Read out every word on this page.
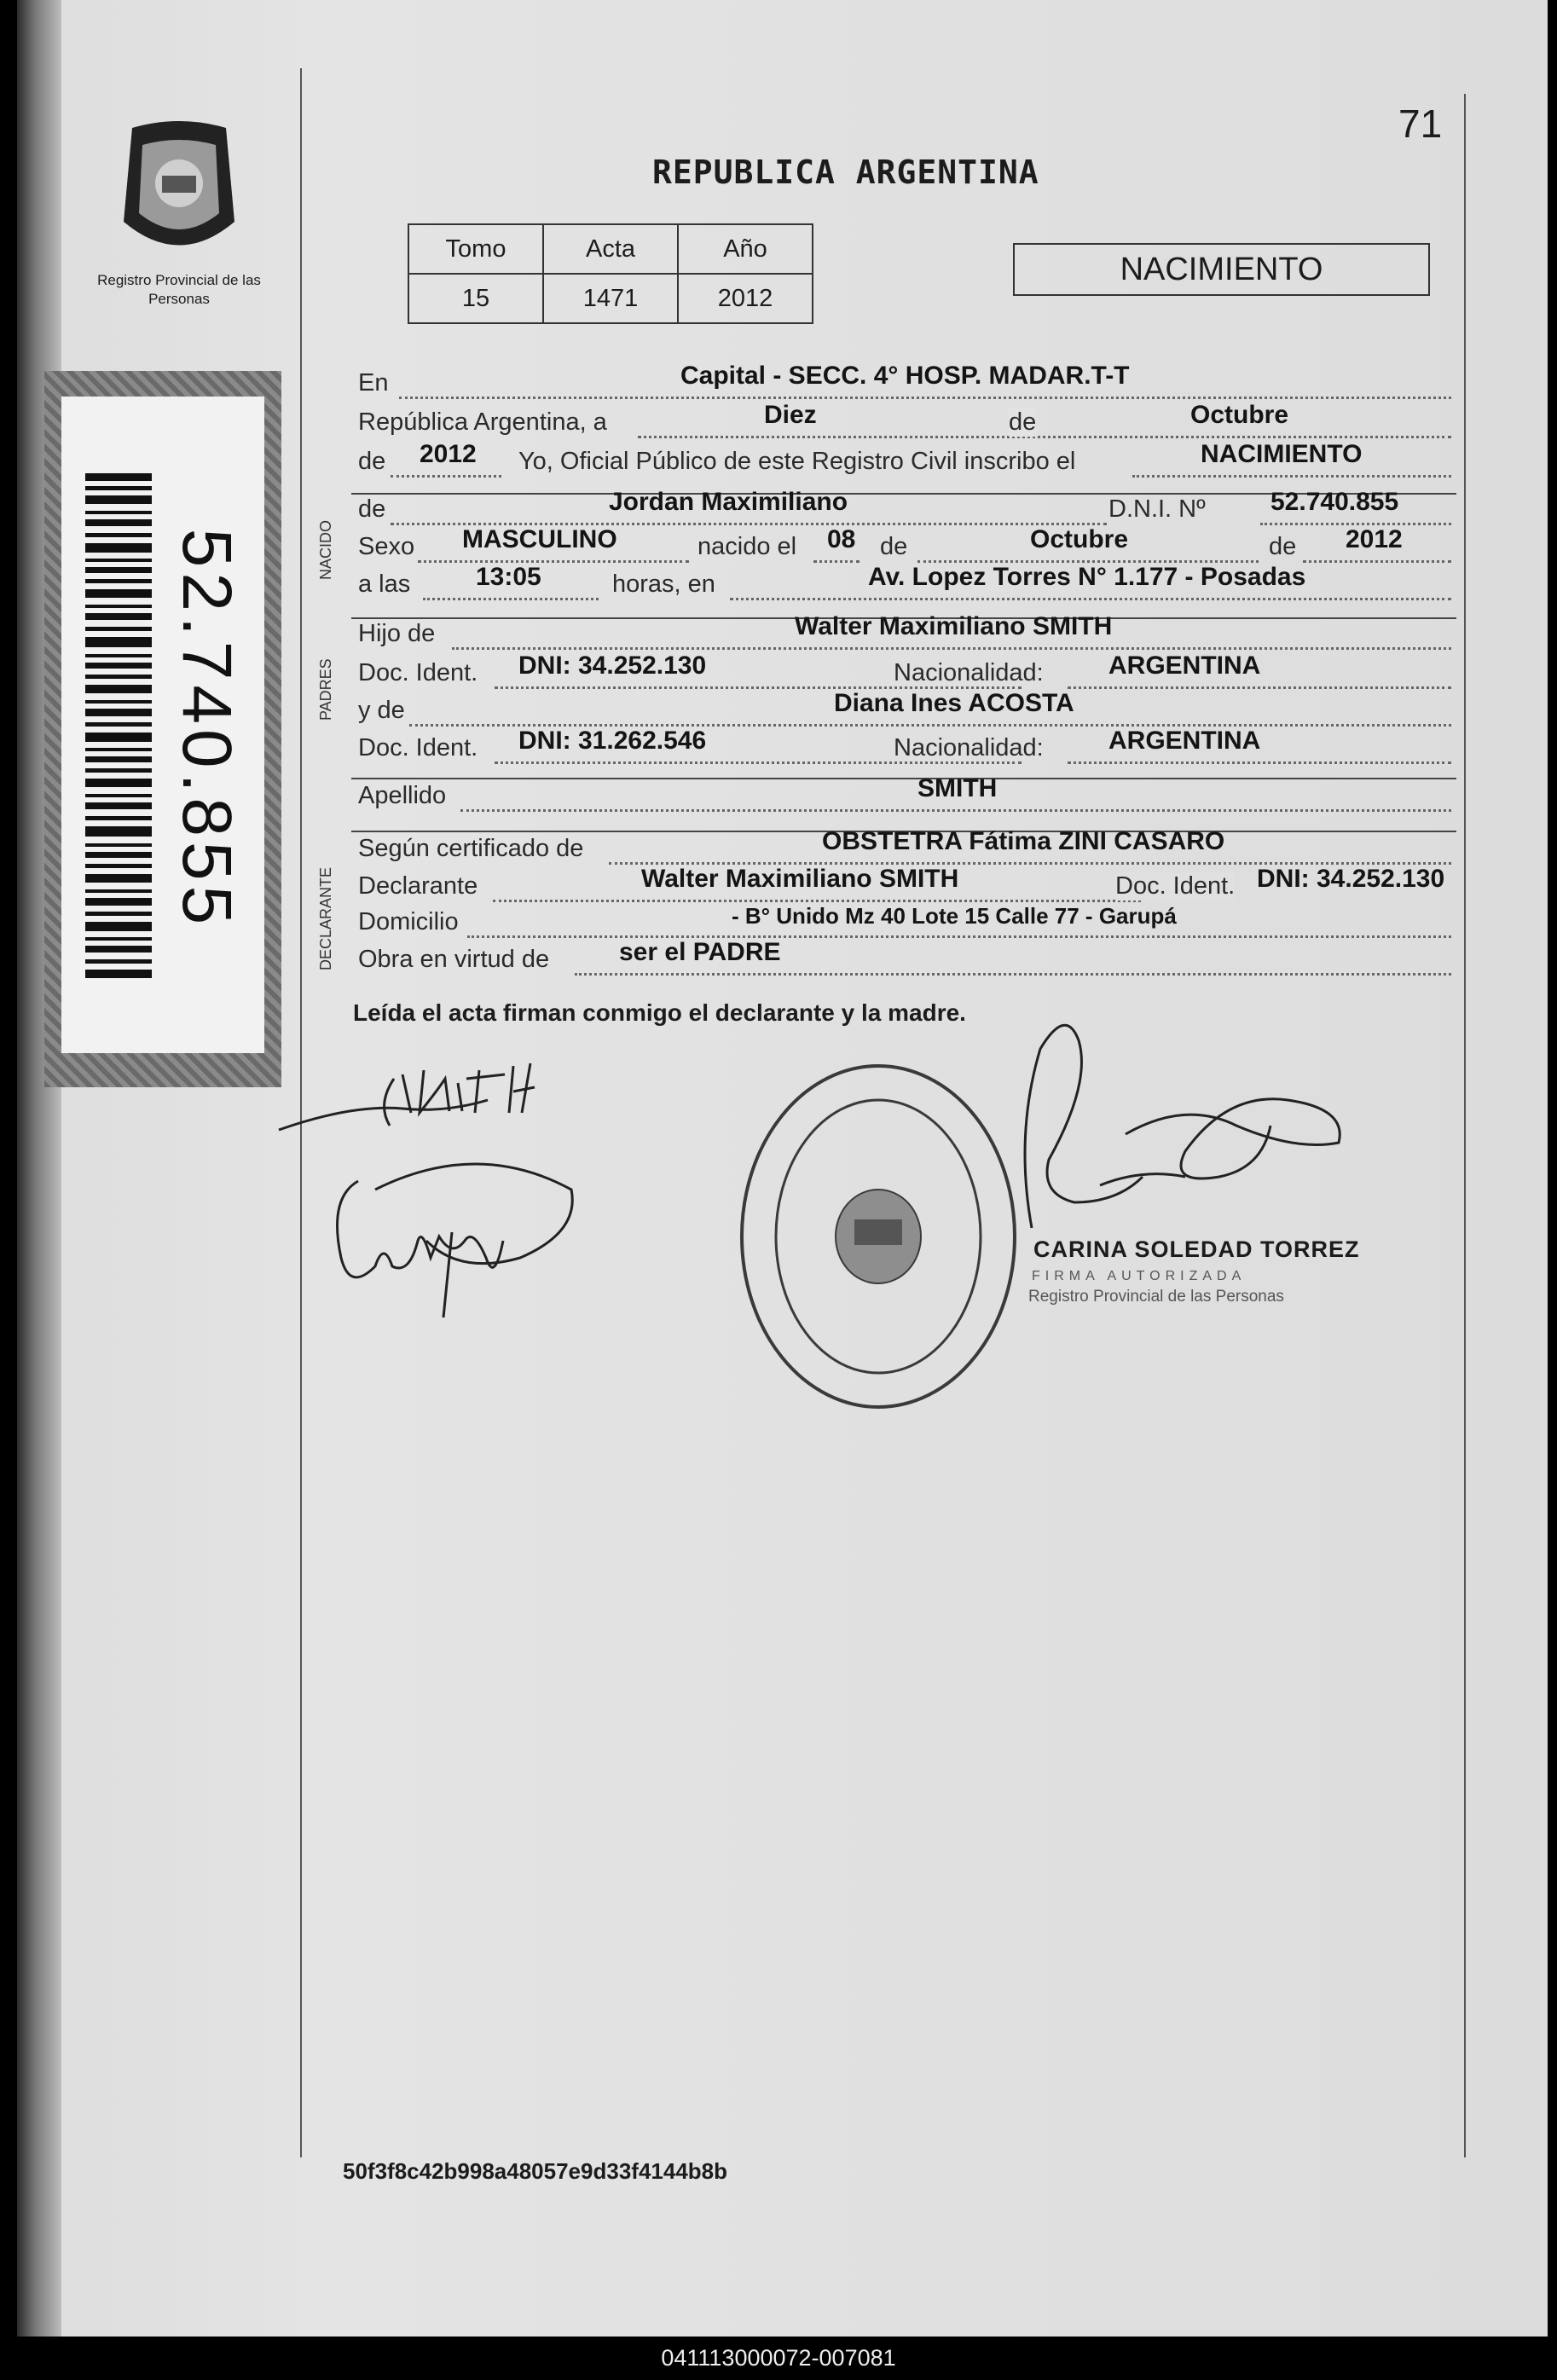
Registro Provincial de las Personas
52.740.855
71
REPUBLICA ARGENTINA
Tomo	Acta	Año
15	1471	2012
NACIMIENTO
En	Capital - SECC. 4° HOSP. MADAR.T-T
República Argentina, a	Diez	de	Octubre
de 2012 Yo, Oficial Público de este Registro Civil inscribo el	NACIMIENTO
NACIDO
de	Jordan Maximiliano	D.N.I. Nº	52.740.855
Sexo MASCULINO	nacido el 08 de	Octubre	de 2012
a las	13:05	horas, en	Av. Lopez Torres N° 1.177 - Posadas
PADRES
Hijo de	Walter Maximiliano SMITH
Doc. Ident. DNI: 34.252.130	Nacionalidad:	ARGENTINA
y de	Diana Ines ACOSTA
Doc. Ident. DNI: 31.262.546	Nacionalidad:	ARGENTINA
Apellido	SMITH
DECLARANTE
Según certificado de	OBSTETRA Fátima ZINI CASARO
Declarante	Walter Maximiliano SMITH	Doc. Ident. DNI: 34.252.130
Domicilio	- B° Unido Mz 40 Lote 15 Calle 77 - Garupá
Obra en virtud de	ser el PADRE
Leída el acta firman conmigo el declarante y la madre.
CARINA SOLEDAD TORREZ
FIRMA AUTORIZADA
Registro Provincial de las Personas
50f3f8c42b998a48057e9d33f4144b8b
041113000072-007081
